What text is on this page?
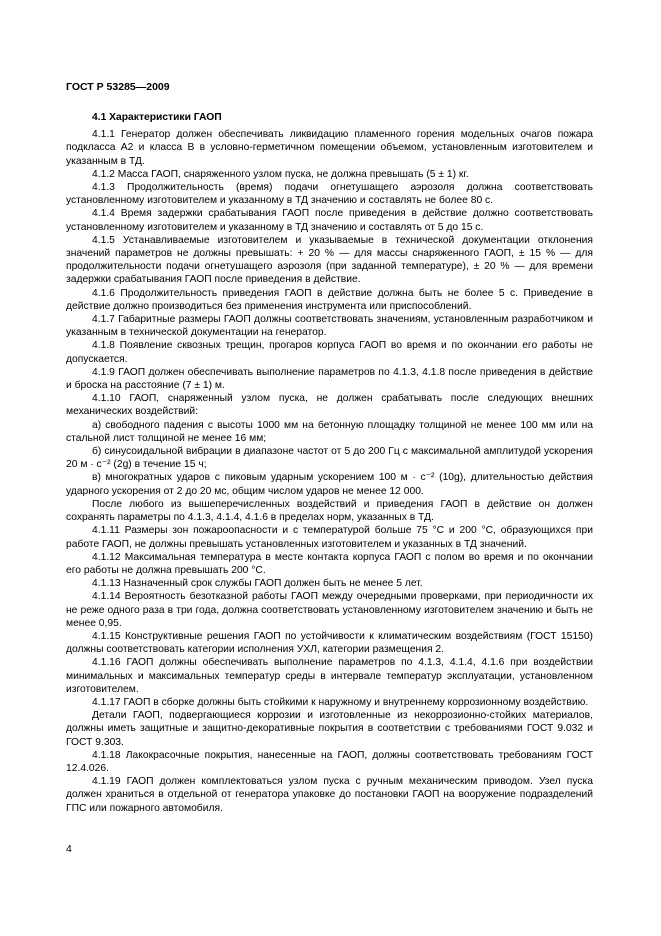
ГОСТ Р 53285—2009
4.1 Характеристики ГАОП

4.1.1 Генератор должен обеспечивать ликвидацию пламенного горения модельных очагов пожара подкласса А2 и класса В в условно-герметичном помещении объемом, установленным изготовителем и указанным в ТД.

4.1.2 Масса ГАОП, снаряженного узлом пуска, не должна превышать (5 ± 1) кг.

4.1.3 Продолжительность (время) подачи огнетушащего аэрозоля должна соответствовать установленному изготовителем и указанному в ТД значению и составлять не более 80 с.

4.1.4 Время задержки срабатывания ГАОП после приведения в действие должно соответствовать установленному изготовителем и указанному в ТД значению и составлять от 5 до 15 с.

4.1.5 Устанавливаемые изготовителем и указываемые в технической документации отклонения значений параметров не должны превышать: + 20 % — для массы снаряженного ГАОП, ± 15 % — для продолжительности подачи огнетушащего аэрозоля (при заданной температуре), ± 20 % — для времени задержки срабатывания ГАОП после приведения в действие.

4.1.6 Продолжительность приведения ГАОП в действие должна быть не более 5 с. Приведение в действие должно производиться без применения инструмента или приспособлений.

4.1.7 Габаритные размеры ГАОП должны соответствовать значениям, установленным разработчиком и указанным в технической документации на генератор.

4.1.8 Появление сквозных трещин, прогаров корпуса ГАОП во время и по окончании его работы не допускается.

4.1.9 ГАОП должен обеспечивать выполнение параметров по 4.1.3, 4.1.8 после приведения в действие и броска на расстояние (7 ± 1) м.

4.1.10 ГАОП, снаряженный узлом пуска, не должен срабатывать после следующих внешних механических воздействий:

а) свободного падения с высоты 1000 мм на бетонную площадку толщиной не менее 100 мм или на стальной лист толщиной не менее 16 мм;

б) синусоидальной вибрации в диапазоне частот от 5 до 200 Гц с максимальной амплитудой ускорения 20 м · с⁻² (2g) в течение 15 ч;

в) многократных ударов с пиковым ударным ускорением 100 м · с⁻² (10g), длительностью действия ударного ускорения от 2 до 20 мс, общим числом ударов не менее 12 000.

После любого из вышеперечисленных воздействий и приведения ГАОП в действие он должен сохранять параметры по 4.1.3, 4.1.4, 4.1.6 в пределах норм, указанных в ТД.

4.1.11 Размеры зон пожароопасности и с температурой больше 75 °С и 200 °С, образующихся при работе ГАОП, не должны превышать установленных изготовителем и указанных в ТД значений.

4.1.12 Максимальная температура в месте контакта корпуса ГАОП с полом во время и по окончании его работы не должна превышать 200 °С.

4.1.13 Назначенный срок службы ГАОП должен быть не менее 5 лет.

4.1.14 Вероятность безотказной работы ГАОП между очередными проверками, при периодичности их не реже одного раза в три года, должна соответствовать установленному изготовителем значению и быть не менее 0,95.

4.1.15 Конструктивные решения ГАОП по устойчивости к климатическим воздействиям (ГОСТ 15150) должны соответствовать категории исполнения УХЛ, категории размещения 2.

4.1.16 ГАОП должны обеспечивать выполнение параметров по 4.1.3, 4.1.4, 4.1.6 при воздействии минимальных и максимальных температур среды в интервале температур эксплуатации, установленном изготовителем.

4.1.17 ГАОП в сборке должны быть стойкими к наружному и внутреннему коррозионному воздействию.

Детали ГАОП, подвергающиеся коррозии и изготовленные из некоррозионно-стойких материалов, должны иметь защитные и защитно-декоративные покрытия в соответствии с требованиями ГОСТ 9.032 и ГОСТ 9.303.

4.1.18 Лакокрасочные покрытия, нанесенные на ГАОП, должны соответствовать требованиям ГОСТ 12.4.026.

4.1.19 ГАОП должен комплектоваться узлом пуска с ручным механическим приводом. Узел пуска должен храниться в отдельной от генератора упаковке до постановки ГАОП на вооружение подразделений ГПС или пожарного автомобиля.

4
